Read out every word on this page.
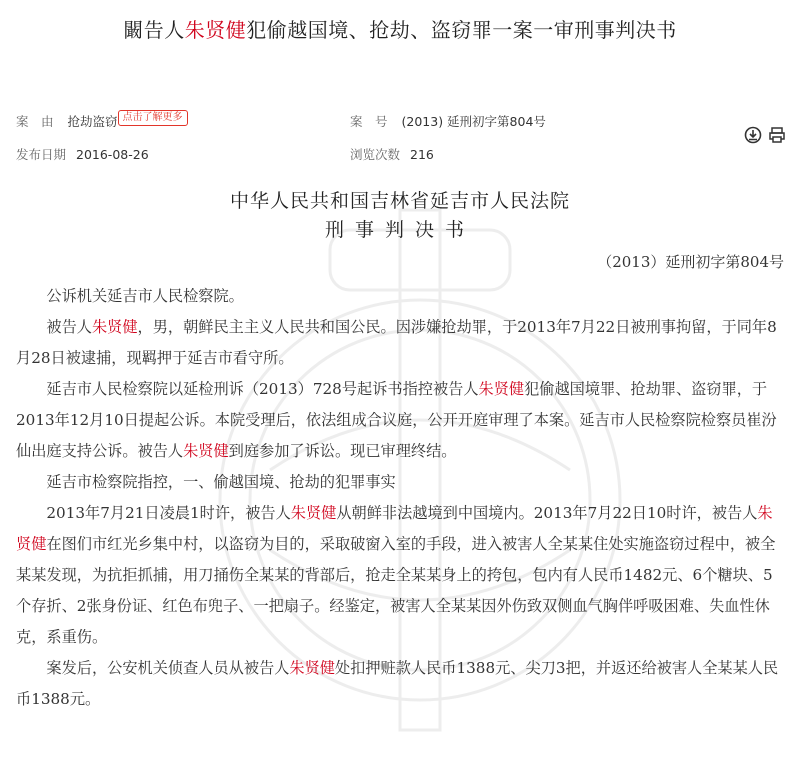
闞告人朱贤健犯偷越国境、抢劫、盗窃罪一案一审刑事判决书
案　由 抢劫盗窃 点击了解更多	案　号 (2013) 延刑初字第804号
发布日期 2016-08-26	浏览次数 216
中华人民共和国吉林省延吉市人民法院
刑事判决书
（2013）延刑初字第804号

公诉机关延吉市人民检察院。

被告人朱贤健，男，朝鲜民主主义人民共和国公民。因涉嫌抢劫罪，于2013年7月22日被刑事拘留，于同年8月28日被逮捕，现羁押于延吉市看守所。

延吉市人民检察院以延检刑诉（2013）728号起诉书指控被告人朱贤健犯偷越国境罪、抢劫罪、盗窃罪，于2013年12月10日提起公诉。本院受理后，依法组成合议庭，公开开庭审理了本案。延吉市人民检察院检察员崔汾仙出庭支持公诉。被告人朱贤健到庭参加了诉讼。现已审理终结。

延吉市检察院指控，一、偷越国境、抢劫的犯罪事实

2013年7月21日凌晨1时许，被告人朱贤健从朝鲜非法越境到中国境内。2013年7月22日10时许，被告人朱贤健在图们市红光乡集中村，以盗窃为目的，采取破窗入室的手段，进入被害人全某某住处实施盗窃过程中，被全某某发现，为抗拒抓捕，用刀捅伤全某某的背部后，抢走全某某身上的挎包，包内有人民币1482元、6个糖块、5个存折、2张身份证、红色布兜子、一把扇子。经鉴定，被害人全某某因外伤致双侧血气胸伴呼吸困难、失血性休克，系重伤。

案发后，公安机关侦查人员从被告人朱贤健处扣押赃款人民币1388元、尖刀3把，并返还给被害人全某某人民币1388元。
